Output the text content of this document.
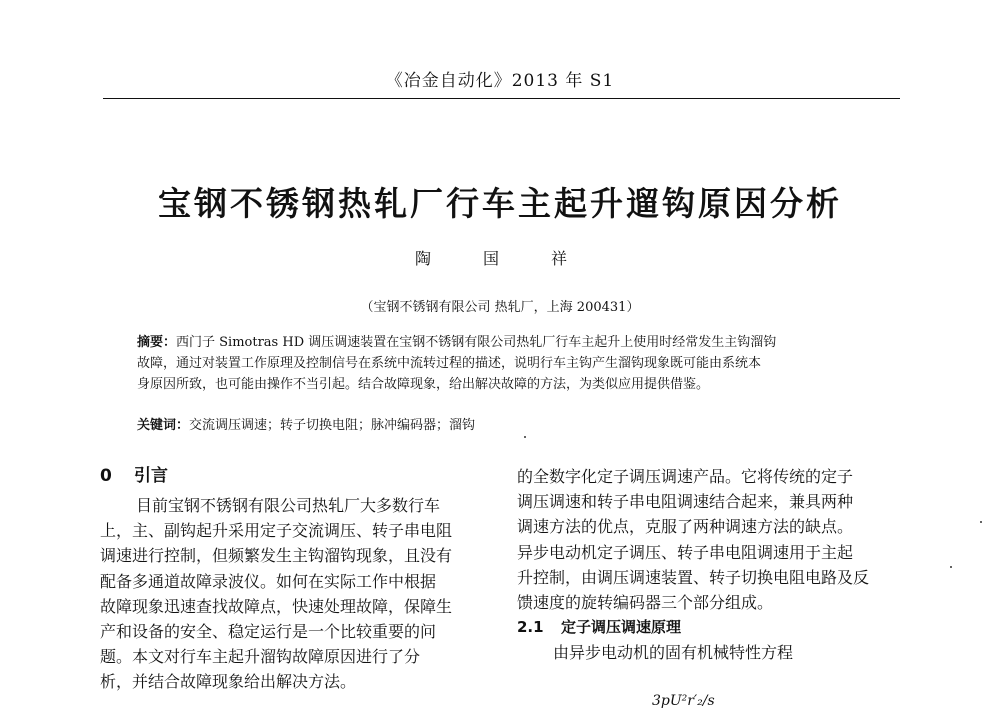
《冶金自动化》2013 年 S1
宝钢不锈钢热轧厂行车主起升遛钩原因分析
陶　国　祥
（宝钢不锈钢有限公司 热轧厂，上海 200431）
摘要：西门子 Simotras HD 调压调速装置在宝钢不锈钢有限公司热轧厂行车主起升上使用时经常发生主钩溜钩
故障，通过对装置工作原理及控制信号在系统中流转过程的描述，说明行车主钩产生溜钩现象既可能由系统本
身原因所致，也可能由操作不当引起。结合故障现象，给出解决故障的方法，为类似应用提供借鉴。
关键词：交流调压调速；转子切换电阻；脉冲编码器；溜钩
0 引言
目前宝钢不锈钢有限公司热轧厂大多数行车
上，主、副钩起升采用定子交流调压、转子串电阻
调速进行控制，但频繁发生主钩溜钩现象，且没有
配备多通道故障录波仪。如何在实际工作中根据
故障现象迅速查找故障点，快速处理故障，保障生
产和设备的安全、稳定运行是一个比较重要的问
题。本文对行车主起升溜钩故障原因进行了分
析，并结合故障现象给出解决方法。
的全数字化定子调压调速产品。它将传统的定子
调压调速和转子串电阻调速结合起来，兼具两种
调速方法的优点，克服了两种调速方法的缺点。
异步电动机定子调压、转子串电阻调速用于主起
升控制，由调压调速装置、转子切换电阻电路及反
馈速度的旋转编码器三个部分组成。
2.1 定子调压调速原理
由异步电动机的固有机械特性方程
3pU²r′₂/s
